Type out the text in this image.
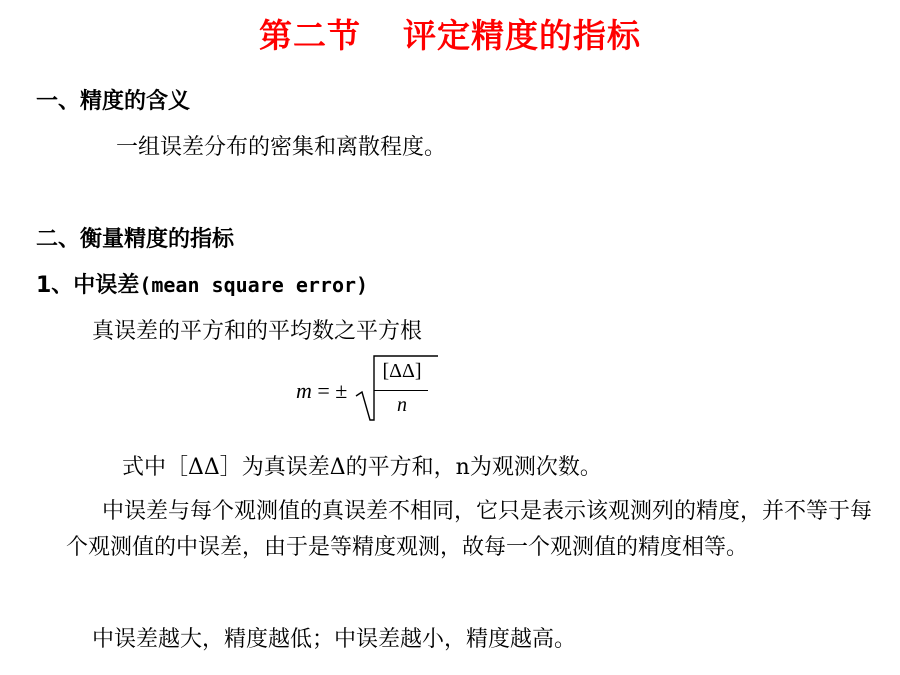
第二节 评定精度的指标
一、精度的含义
一组误差分布的密集和离散程度。
二、衡量精度的指标
1、中误差(mean square error)
真误差的平方和的平均数之平方根
m = ±
[ΔΔ]
n
式中［ΔΔ］为真误差Δ的平方和，n为观测次数。
中误差与每个观测值的真误差不相同，它只是表示该观测列的精度，并不等于每个观测值的中误差，由于是等精度观测，故每一个观测值的精度相等。
中误差越大，精度越低；中误差越小，精度越高。
